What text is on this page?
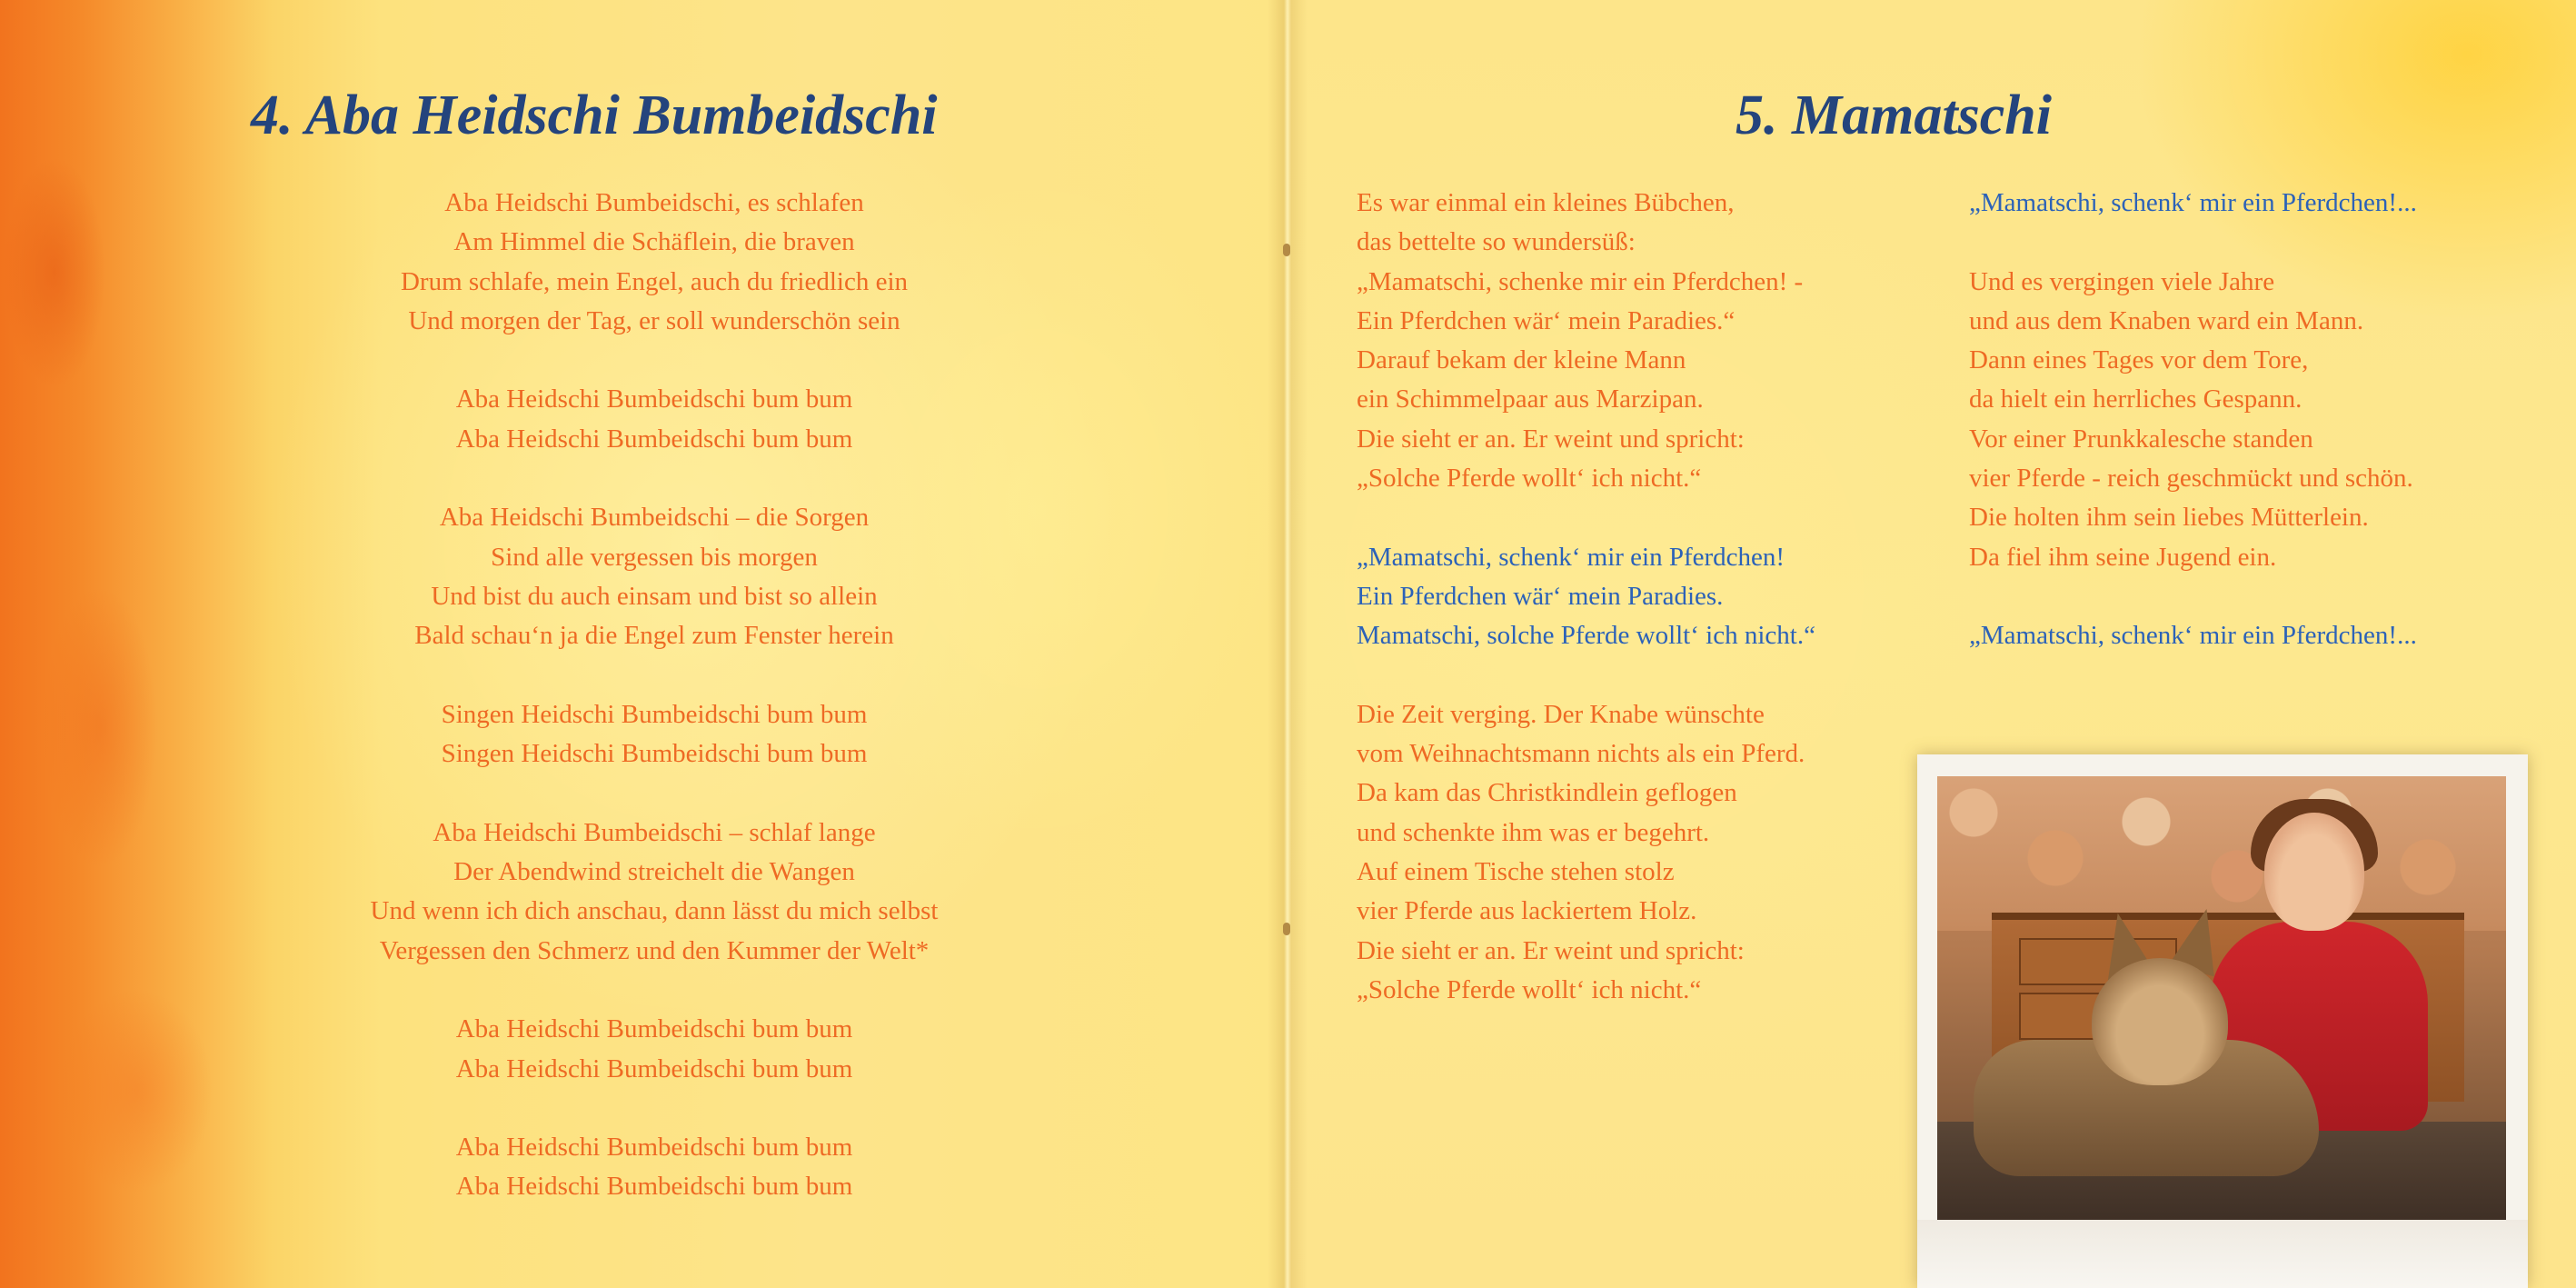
4. Aba Heidschi Bumbeidschi
Aba Heidschi Bumbeidschi, es schlafen
Am Himmel die Schäflein, die braven
Drum schlafe, mein Engel, auch du friedlich ein
Und morgen der Tag, er soll wunderschön sein
Aba Heidschi Bumbeidschi bum bum
Aba Heidschi Bumbeidschi bum bum
Aba Heidschi Bumbeidschi – die Sorgen
Sind alle vergessen bis morgen
Und bist du auch einsam und bist so allein
Bald schau‘n ja die Engel zum Fenster herein
Singen Heidschi Bumbeidschi bum bum
Singen Heidschi Bumbeidschi bum bum
Aba Heidschi Bumbeidschi – schlaf lange
Der Abendwind streichelt die Wangen
Und wenn ich dich anschau, dann lässt du mich selbst
Vergessen den Schmerz und den Kummer der Welt*
Aba Heidschi Bumbeidschi bum bum
Aba Heidschi Bumbeidschi bum bum
Aba Heidschi Bumbeidschi bum bum
Aba Heidschi Bumbeidschi bum bum
5. Mamatschi
Es war einmal ein kleines Bübchen,
das bettelte so wundersüß:
„Mamatschi, schenke mir ein Pferdchen! -
Ein Pferdchen wär‘ mein Paradies.“
Darauf bekam der kleine Mann
ein Schimmelpaar aus Marzipan.
Die sieht er an. Er weint und spricht:
„Solche Pferde wollt‘ ich nicht.“
„Mamatschi, schenk‘ mir ein Pferdchen!
Ein Pferdchen wär‘ mein Paradies.
Mamatschi, solche Pferde wollt‘ ich nicht.“
Die Zeit verging. Der Knabe wünschte
vom Weihnachtsmann nichts als ein Pferd.
Da kam das Christkindlein geflogen
und schenkte ihm was er begehrt.
Auf einem Tische stehen stolz
vier Pferde aus lackiertem Holz.
Die sieht er an. Er weint und spricht:
„Solche Pferde wollt‘ ich nicht.“
„Mamatschi, schenk‘ mir ein Pferdchen!...
Und es vergingen viele Jahre
und aus dem Knaben ward ein Mann.
Dann eines Tages vor dem Tore,
da hielt ein herrliches Gespann.
Vor einer Prunkkalesche standen
vier Pferde - reich geschmückt und schön.
Die holten ihm sein liebes Mütterlein.
Da fiel ihm seine Jugend ein.
„Mamatschi, schenk‘ mir ein Pferdchen!...
